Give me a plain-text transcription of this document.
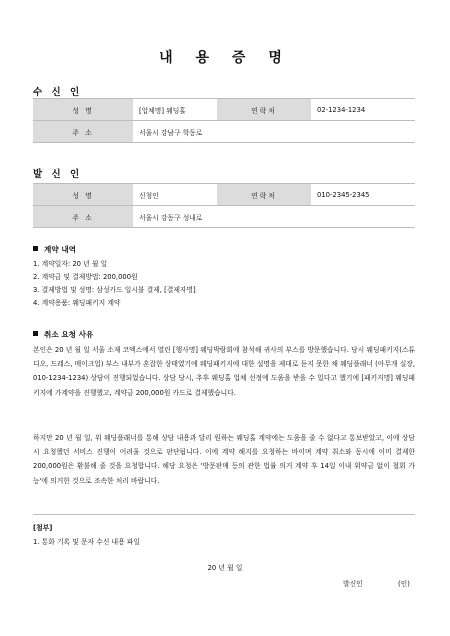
내 용 증 명
수 신 인
성 명	[업체명] 웨딩홀	연락처	02-1234-1234
주 소	서울시 강남구 학동로		
발 신 인
성 명	신청인	연락처	010-2345-2345
주 소	서울시 강동구 성내로		
계약 내역
1. 계약일자: 20 년 월 일
2. 계약금 및 결제방법: 200,000원
3. 결제방법 및 성명: 삼성카드 일시불 결제, [결제자명]
4. 계약용품: 웨딩패키지 계약
취소 요청 사유

본인은 20 년 월 일 서울 소재 코엑스에서 열린 [행사명] 웨딩박람회에 참석해 귀사의 부스를 방문했습니다. 당시 웨딩패키지(스튜디오, 드레스, 메이크업) 부스 내부가 혼잡한 상태였기에 웨딩패키지에 대한 설명을 제대로 듣지 못한 채 웨딩플래너 (아무개 실장, 010-1234-1234) 상담이 진행되었습니다. 상담 당시, 추후 웨딩홀 업체 선정에 도움을 받을 수 있다고 했기에 [패키지명] 웨딩패키지에 가계약을 진행했고, 계약금 200,000원 카드로 결제했습니다.

하지만 20 년 월 일, 위 웨딩플래너를 통해 상담 내용과 달리 원하는 웨딩홀 계약에는 도움을 줄 수 없다고 통보받았고, 이에 상담 시 요청했던 서비스 진행이 어려울 것으로 판단됩니다. 이에 계약 해지를 요청하는 바이며 계약 취소와 동시에 이미 결제한 200,000원은 환불해 줄 것을 요청합니다. 해당 요청은 '방문판매 등의 관한 법률 의거 계약 후 14일 이내 위약금 없이 철회 가능'에 의거한 것으로 조속한 처리 바랍니다.

[첨부]
1. 통화 기록 및 문자 수신 내용 파일
20 년 월 일
발신인	(인)
